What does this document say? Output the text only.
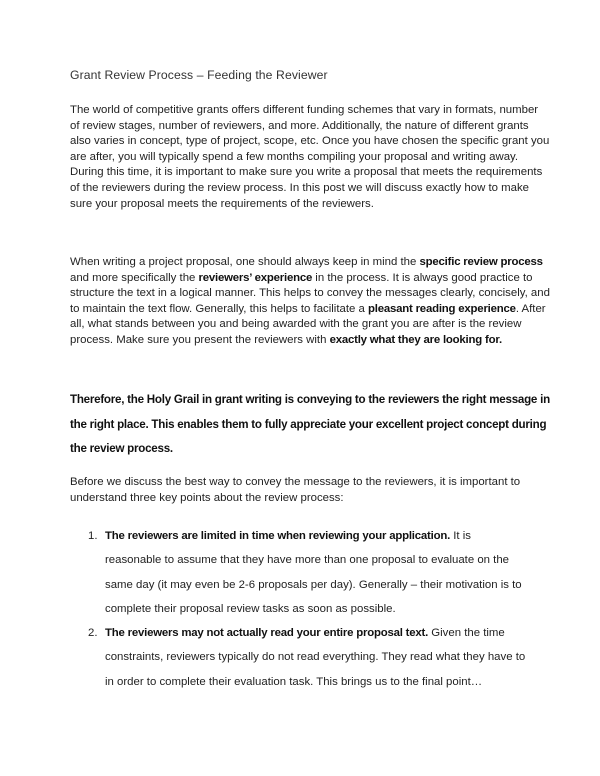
Grant Review Process – Feeding the Reviewer

The world of competitive grants offers different funding schemes that vary in formats, number of review stages, number of reviewers, and more. Additionally, the nature of different grants also varies in concept, type of project, scope, etc. Once you have chosen the specific grant you are after, you will typically spend a few months compiling your proposal and writing away. During this time, it is important to make sure you write a proposal that meets the requirements of the reviewers during the review process. In this post we will discuss exactly how to make sure your proposal meets the requirements of the reviewers.

When writing a project proposal, one should always keep in mind the specific review process and more specifically the reviewers’ experience in the process. It is always good practice to structure the text in a logical manner. This helps to convey the messages clearly, concisely, and to maintain the text flow. Generally, this helps to facilitate a pleasant reading experience. After all, what stands between you and being awarded with the grant you are after is the review process. Make sure you present the reviewers with exactly what they are looking for.

Therefore, the Holy Grail in grant writing is conveying to the reviewers the right message in the right place. This enables them to fully appreciate your excellent project concept during the review process.

Before we discuss the best way to convey the message to the reviewers, it is important to understand three key points about the review process:

1. The reviewers are limited in time when reviewing your application. It is reasonable to assume that they have more than one proposal to evaluate on the same day (it may even be 2-6 proposals per day). Generally – their motivation is to complete their proposal review tasks as soon as possible.
2. The reviewers may not actually read your entire proposal text. Given the time constraints, reviewers typically do not read everything. They read what they have to in order to complete their evaluation task. This brings us to the final point…
